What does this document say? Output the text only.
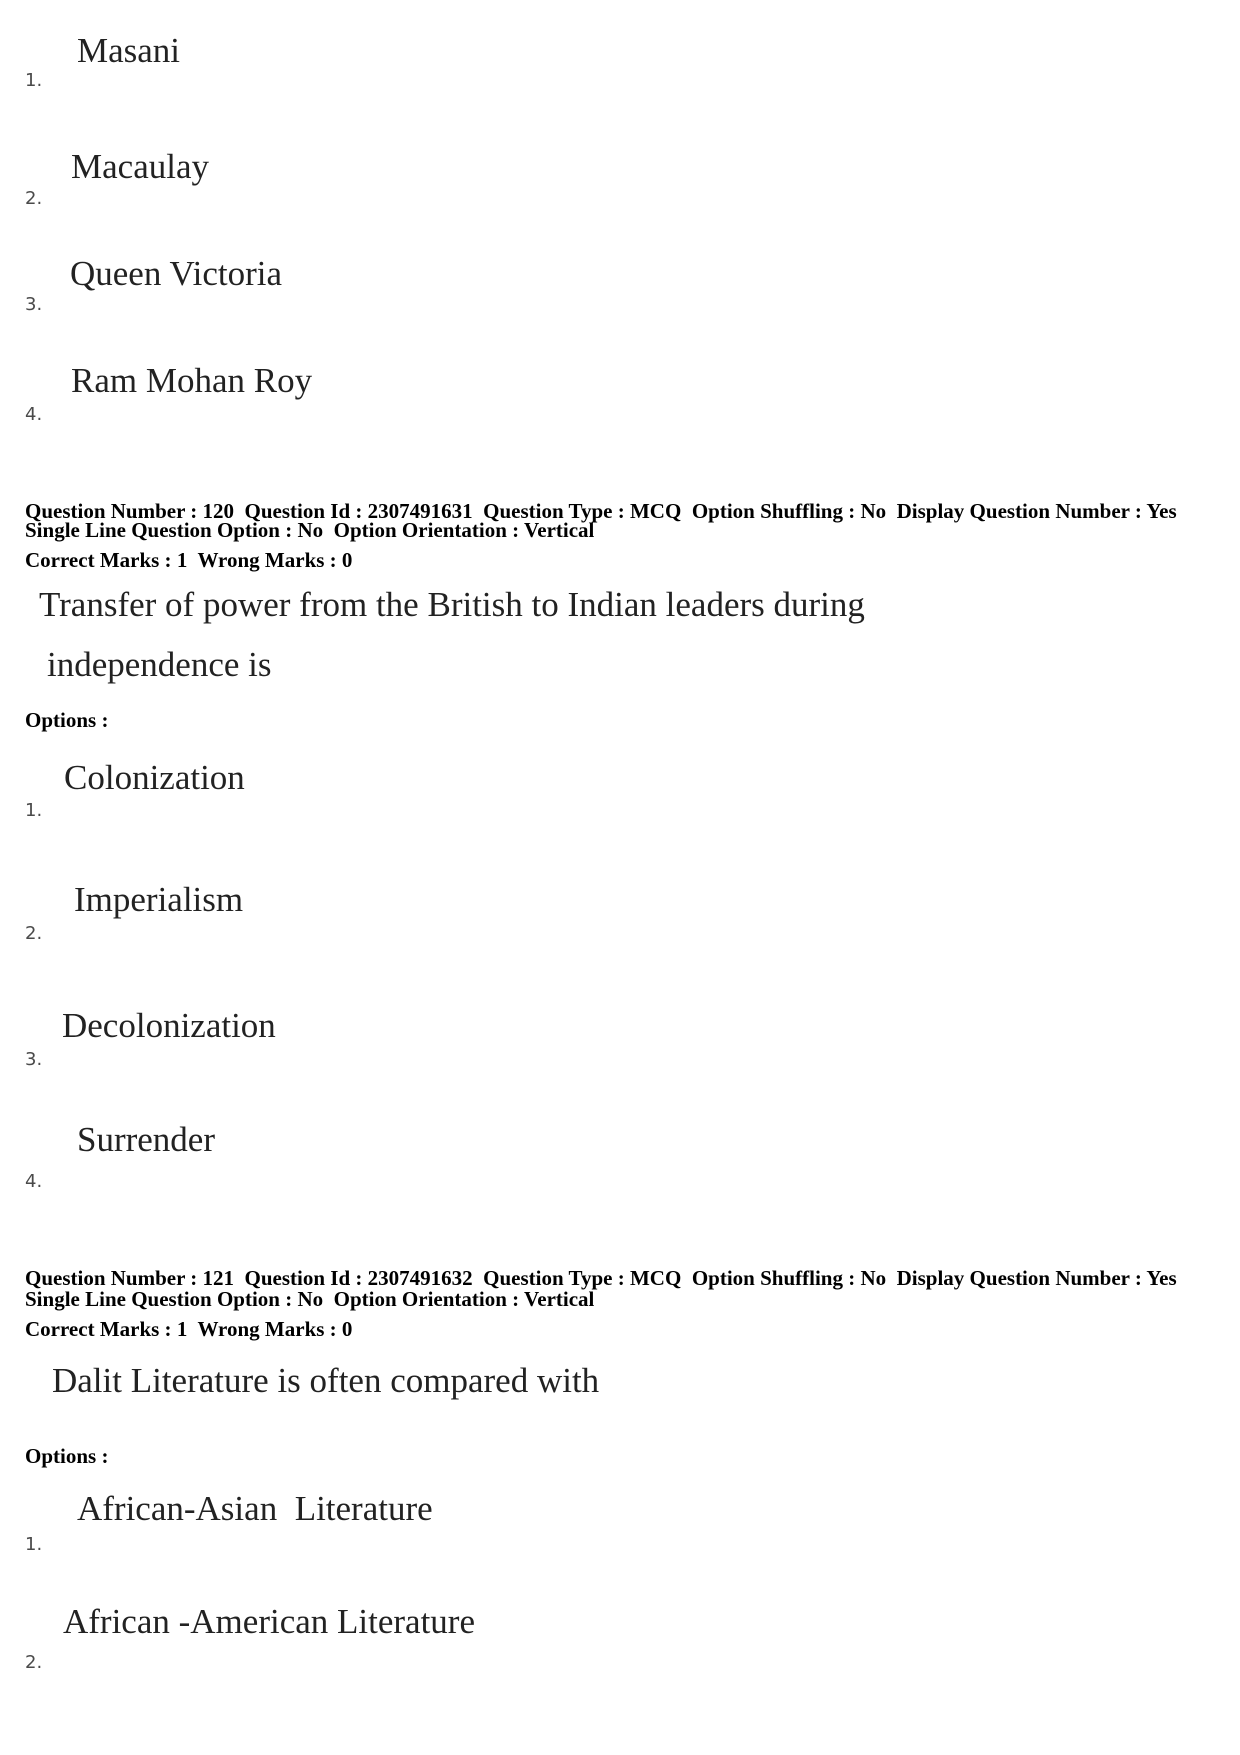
Masani
1.
Macaulay
2.
Queen Victoria
3.
Ram Mohan Roy
4.
Question Number : 120 Question Id : 2307491631 Question Type : MCQ Option Shuffling : No Display Question Number : Yes
Single Line Question Option : No Option Orientation : Vertical
Correct Marks : 1 Wrong Marks : 0
Transfer of power from the British to Indian leaders during
independence is
Options :
Colonization
1.
Imperialism
2.
Decolonization
3.
Surrender
4.
Question Number : 121 Question Id : 2307491632 Question Type : MCQ Option Shuffling : No Display Question Number : Yes
Single Line Question Option : No Option Orientation : Vertical
Correct Marks : 1 Wrong Marks : 0
Dalit Literature is often compared with
Options :
African-Asian  Literature
1.
African -American Literature
2.
